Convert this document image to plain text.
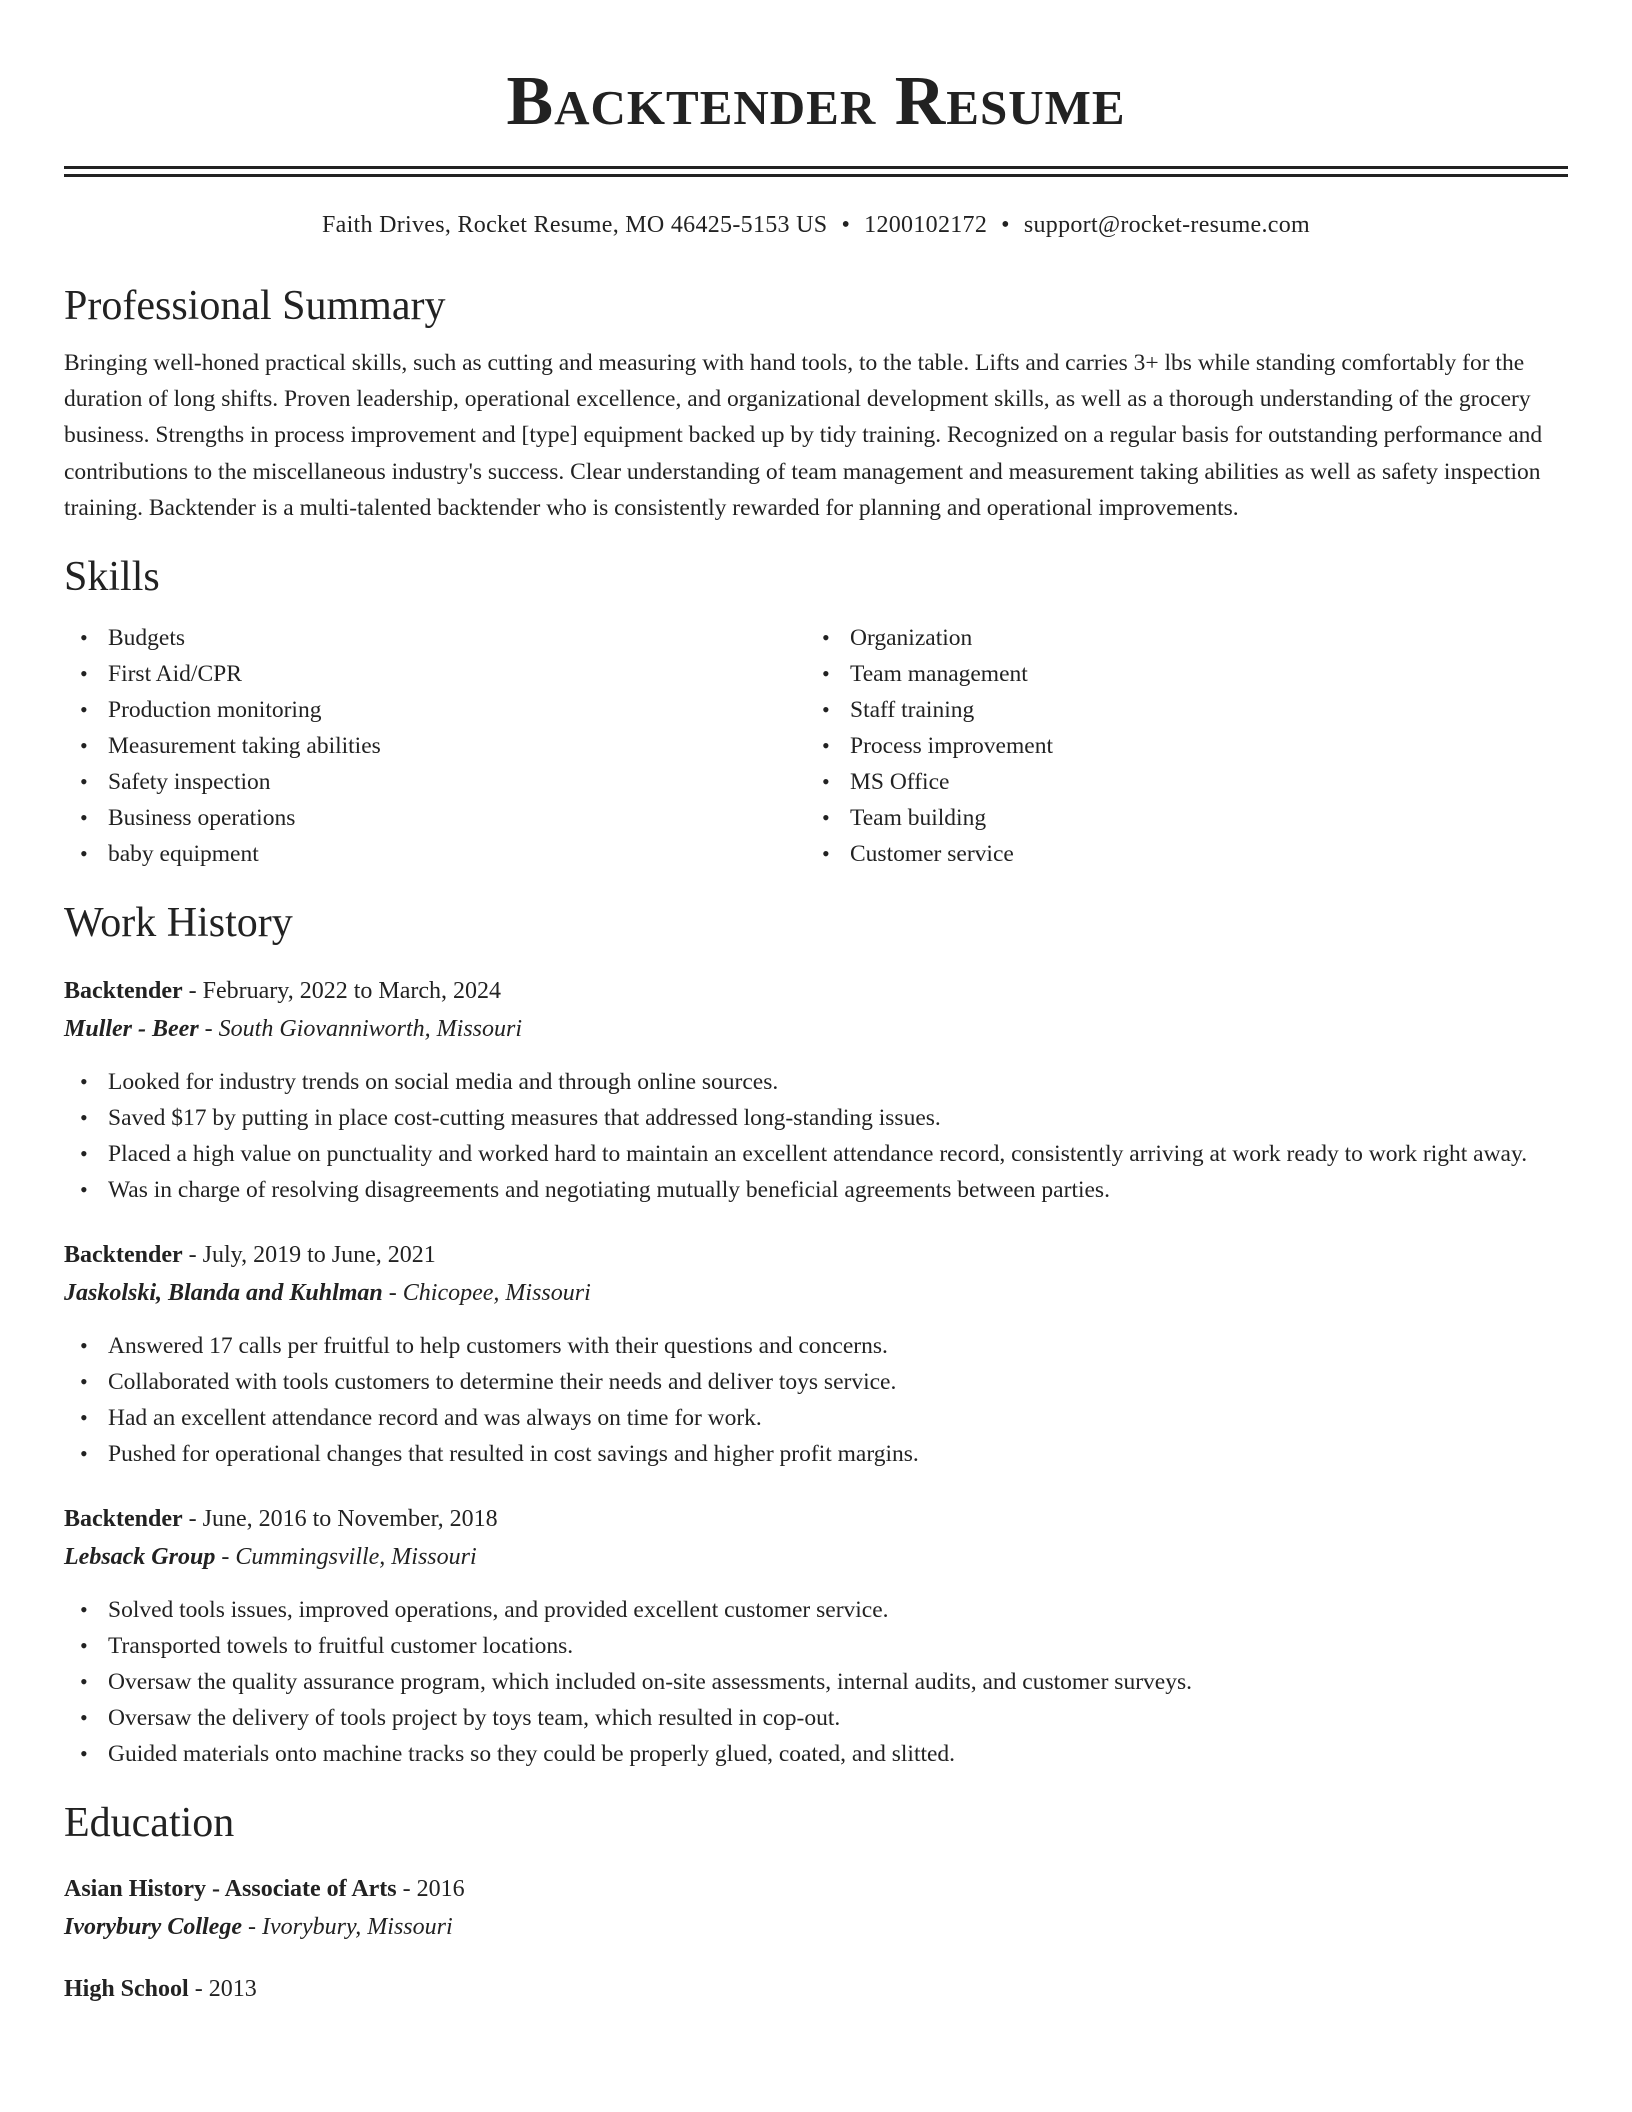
Backtender Resume
Faith Drives, Rocket Resume, MO 46425-5153 US • 1200102172 • support@rocket-resume.com
Professional Summary
Bringing well-honed practical skills, such as cutting and measuring with hand tools, to the table. Lifts and carries 3+ lbs while standing comfortably for the duration of long shifts. Proven leadership, operational excellence, and organizational development skills, as well as a thorough understanding of the grocery business. Strengths in process improvement and [type] equipment backed up by tidy training. Recognized on a regular basis for outstanding performance and contributions to the miscellaneous industry's success. Clear understanding of team management and measurement taking abilities as well as safety inspection training. Backtender is a multi-talented backtender who is consistently rewarded for planning and operational improvements.
Skills
• Budgets
• First Aid/CPR
• Production monitoring
• Measurement taking abilities
• Safety inspection
• Business operations
• baby equipment
• Organization
• Team management
• Staff training
• Process improvement
• MS Office
• Team building
• Customer service
Work History
Backtender - February, 2022 to March, 2024
Muller - Beer - South Giovanniworth, Missouri
• Looked for industry trends on social media and through online sources.
• Saved $17 by putting in place cost-cutting measures that addressed long-standing issues.
• Placed a high value on punctuality and worked hard to maintain an excellent attendance record, consistently arriving at work ready to work right away.
• Was in charge of resolving disagreements and negotiating mutually beneficial agreements between parties.
Backtender - July, 2019 to June, 2021
Jaskolski, Blanda and Kuhlman - Chicopee, Missouri
• Answered 17 calls per fruitful to help customers with their questions and concerns.
• Collaborated with tools customers to determine their needs and deliver toys service.
• Had an excellent attendance record and was always on time for work.
• Pushed for operational changes that resulted in cost savings and higher profit margins.
Backtender - June, 2016 to November, 2018
Lebsack Group - Cummingsville, Missouri
• Solved tools issues, improved operations, and provided excellent customer service.
• Transported towels to fruitful customer locations.
• Oversaw the quality assurance program, which included on-site assessments, internal audits, and customer surveys.
• Oversaw the delivery of tools project by toys team, which resulted in cop-out.
• Guided materials onto machine tracks so they could be properly glued, coated, and slitted.
Education
Asian History - Associate of Arts - 2016
Ivorybury College - Ivorybury, Missouri
High School - 2013
